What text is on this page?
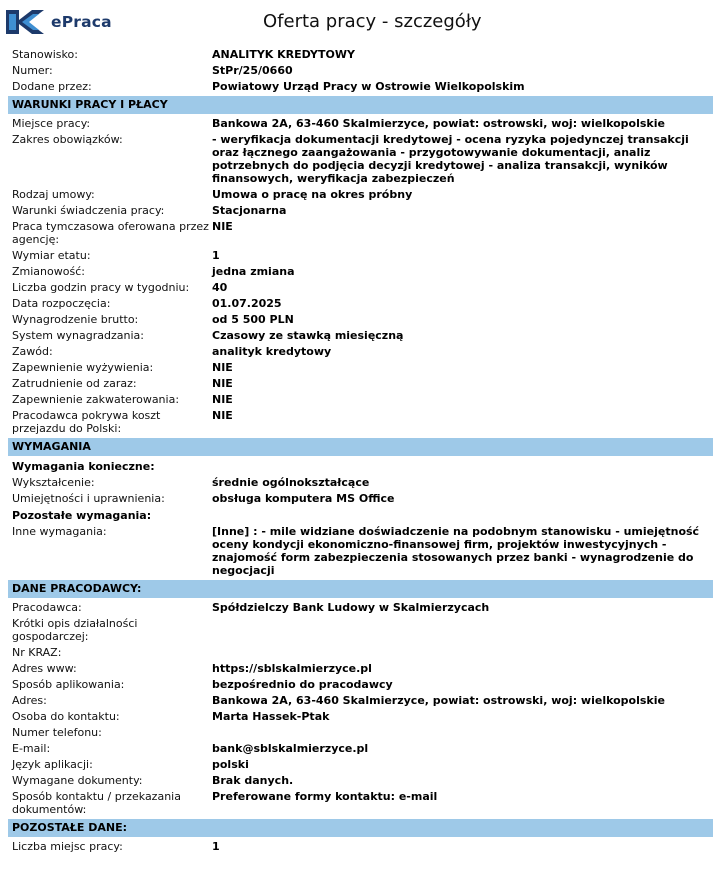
ePraca	Oferta pracy - szczegóły
Stanowisko:	ANALITYK KREDYTOWY
Numer:	StPr/25/0660
Dodane przez:	Powiatowy Urząd Pracy w Ostrowie Wielkopolskim
WARUNKI PRACY I PŁACY
Miejsce pracy:	Bankowa 2A, 63-460 Skalmierzyce, powiat: ostrowski, woj: wielkopolskie
Zakres obowiązków:	- weryfikacja dokumentacji kredytowej - ocena ryzyka pojedynczej transakcji oraz łącznego zaangażowania - przygotowywanie dokumentacji, analiz potrzebnych do podjęcia decyzji kredytowej - analiza transakcji, wyników finansowych, weryfikacja zabezpieczeń
Rodzaj umowy:	Umowa o pracę na okres próbny
Warunki świadczenia pracy:	Stacjonarna
Praca tymczasowa oferowana przez agencję:
NIE
Wymiar etatu:	1
Zmianowość:	jedna zmiana
Liczba godzin pracy w tygodniu:	40
Data rozpoczęcia:	01.07.2025
Wynagrodzenie brutto:	od 5 500 PLN
System wynagradzania:	Czasowy ze stawką miesięczną
Zawód:	analityk kredytowy
Zapewnienie wyżywienia:	NIE
Zatrudnienie od zaraz:	NIE
Zapewnienie zakwaterowania:	NIE
Pracodawca pokrywa koszt przejazdu do Polski:
NIE
WYMAGANIA
Wymagania konieczne:
Wykształcenie:	średnie ogólnokształcące
Umiejętności i uprawnienia:	obsługa komputera MS Office
Pozostałe wymagania:
Inne wymagania:	[Inne] : - mile widziane doświadczenie na podobnym stanowisku - umiejętność oceny kondycji ekonomiczno-finansowej firm, projektów inwestycyjnych - znajomość form zabezpieczenia stosowanych przez banki - wynagrodzenie do negocjacji
DANE PRACODAWCY:
Pracodawca:	Spółdzielczy Bank Ludowy w Skalmierzycach
Krótki opis działalności gospodarczej:
Nr KRAZ:
Adres www:	https://sblskalmierzyce.pl
Sposób aplikowania:	bezpośrednio do pracodawcy
Adres:	Bankowa 2A, 63-460 Skalmierzyce, powiat: ostrowski, woj: wielkopolskie
Osoba do kontaktu:	Marta Hassek-Ptak
Numer telefonu:
E-mail:	bank@sblskalmierzyce.pl
Język aplikacji:	polski
Wymagane dokumenty:	Brak danych.
Sposób kontaktu / przekazania dokumentów:
Preferowane formy kontaktu: e-mail
POZOSTAŁE DANE:
Liczba miejsc pracy:	1
